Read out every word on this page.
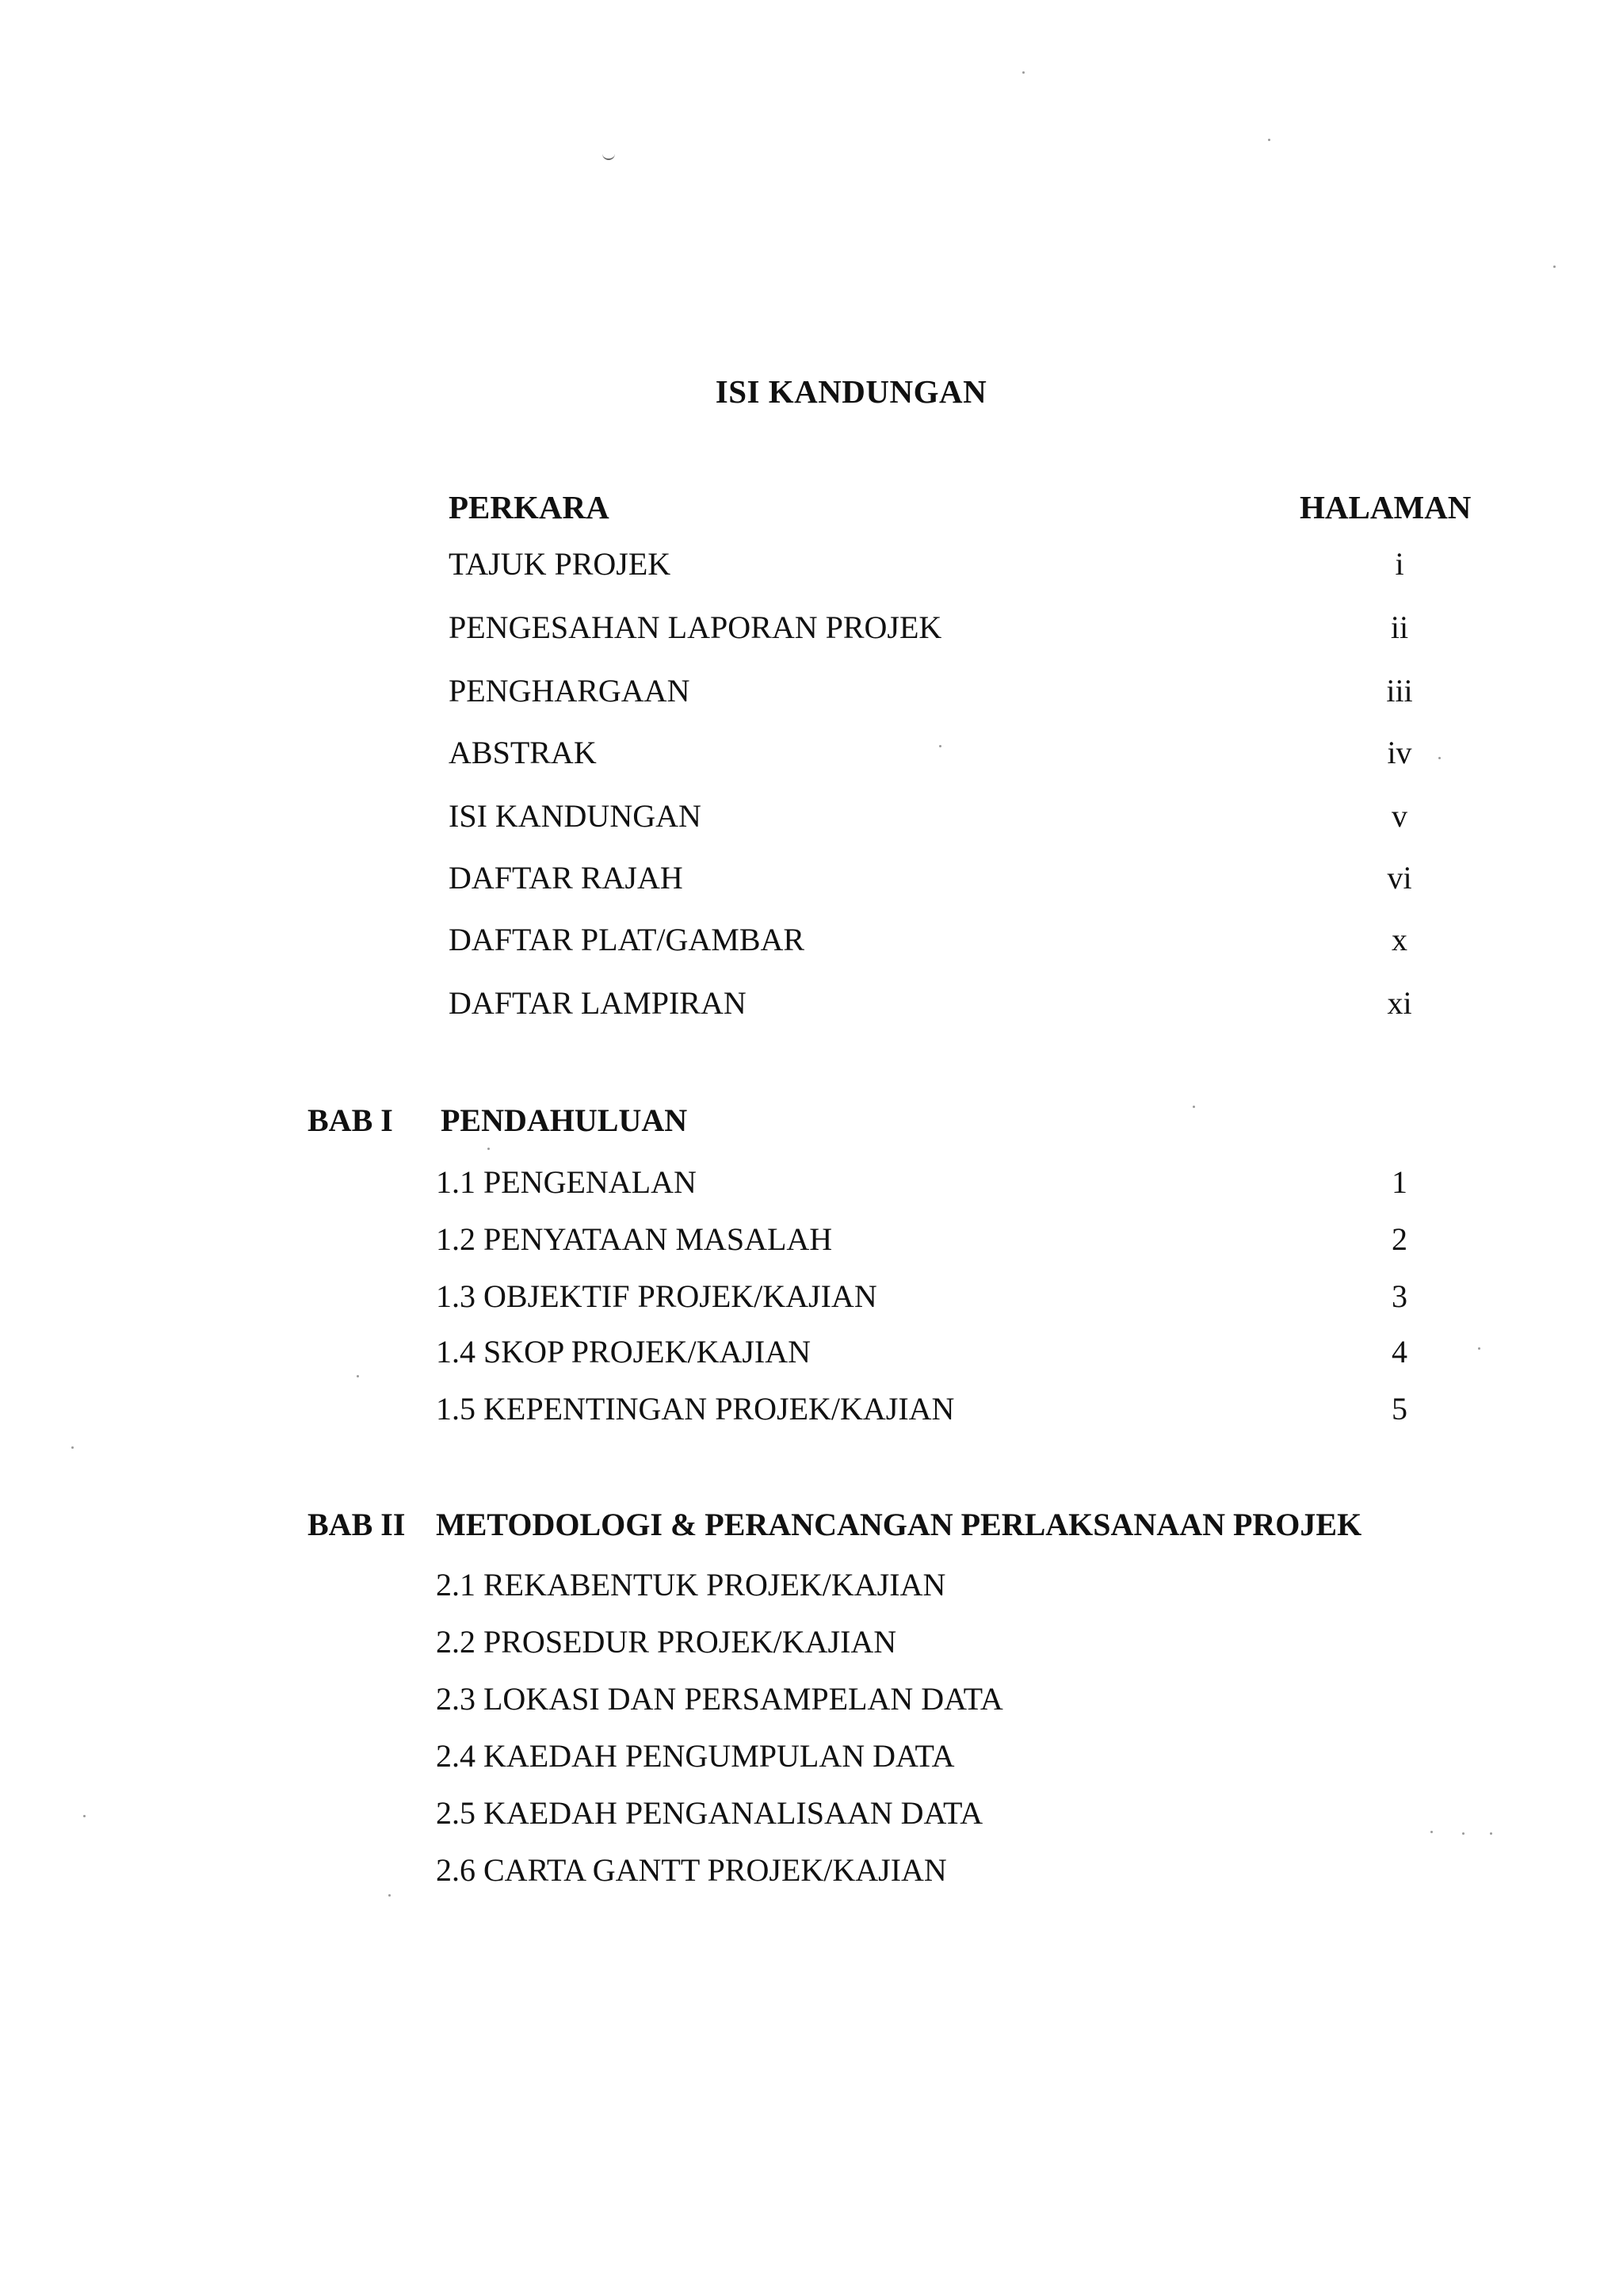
ISI KANDUNGAN
PERKARA	HALAMAN
TAJUK PROJEK	i
PENGESAHAN LAPORAN PROJEK	ii
PENGHARGAAN	iii
ABSTRAK	iv
ISI KANDUNGAN	v
DAFTAR RAJAH	vi
DAFTAR PLAT/GAMBAR	x
DAFTAR LAMPIRAN	xi
BAB I PENDAHULUAN
1.1 PENGENALAN	1
1.2 PENYATAAN MASALAH	2
1.3 OBJEKTIF PROJEK/KAJIAN	3
1.4 SKOP PROJEK/KAJIAN	4
1.5 KEPENTINGAN PROJEK/KAJIAN	5
BAB II METODOLOGI & PERANCANGAN PERLAKSANAAN PROJEK
2.1 REKABENTUK PROJEK/KAJIAN
2.2 PROSEDUR PROJEK/KAJIAN
2.3 LOKASI DAN PERSAMPELAN DATA
2.4 KAEDAH PENGUMPULAN DATA
2.5 KAEDAH PENGANALISAAN DATA
2.6 CARTA GANTT PROJEK/KAJIAN
